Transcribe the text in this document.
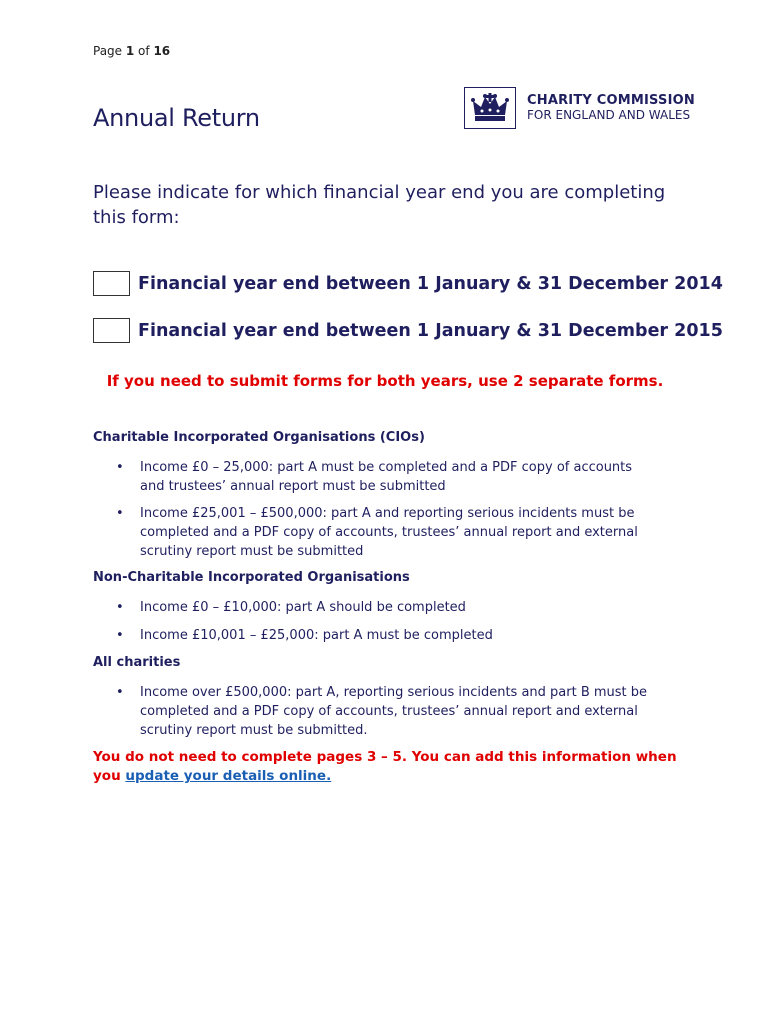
Page 1 of 16
Annual Return
CHARITY COMMISSION
FOR ENGLAND AND WALES

Please indicate for which financial year end you are completing this form:

Financial year end between 1 January & 31 December 2014
Financial year end between 1 January & 31 December 2015

If you need to submit forms for both years, use 2 separate forms.

Charitable Incorporated Organisations (CIOs)
• Income £0 – 25,000: part A must be completed and a PDF copy of accounts and trustees’ annual report must be submitted
• Income £25,001 – £500,000: part A and reporting serious incidents must be completed and a PDF copy of accounts, trustees’ annual report and external scrutiny report must be submitted
Non-Charitable Incorporated Organisations
• Income £0 – £10,000: part A should be completed
• Income £10,001 – £25,000: part A must be completed
All charities
• Income over £500,000: part A, reporting serious incidents and part B must be completed and a PDF copy of accounts, trustees’ annual report and external scrutiny report must be submitted.

You do not need to complete pages 3 – 5. You can add this information when you update your details online.
